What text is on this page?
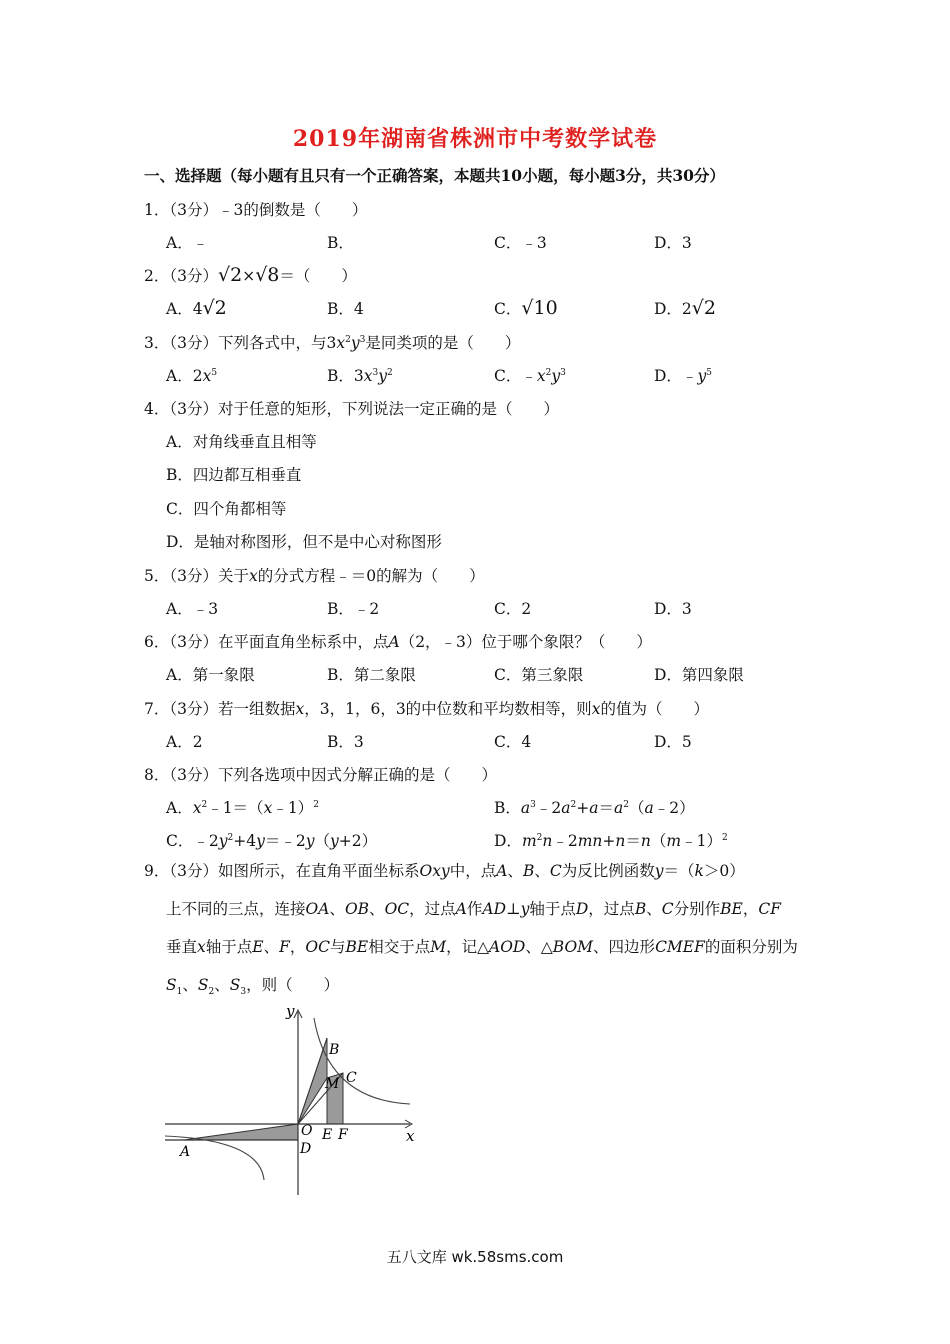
2019年湖南省株洲市中考数学试卷
一、选择题（每小题有且只有一个正确答案，本题共10小题，每小题3分，共30分）
1．（3分）﹣3的倒数是（　　）
A．﹣	B．	C．﹣3	D．3
2．（3分）√2×√8＝（　　）
A．4√2	B．4	C．√10	D．2√2
3．（3分）下列各式中，与$3x^2y^3$是同类项的是（　　）
A．$2x^5$	B．$3x^3y^2$	C．$﹣x^2y^3$	D．$﹣y^5$
4．（3分）对于任意的矩形，下列说法一定正确的是（　　）
A．对角线垂直且相等
B．四边都互相垂直
C．四个角都相等
D．是轴对称图形，但不是中心对称图形
5．（3分）关于x的分式方程﹣＝0的解为（　　）
A．﹣3	B．﹣2	C．2	D．3
6．（3分）在平面直角坐标系中，点A（2，﹣3）位于哪个象限？（　　）
A．第一象限	B．第二象限	C．第三象限	D．第四象限
7．（3分）若一组数据x，3，1，6，3的中位数和平均数相等，则x的值为（　　）
A．2	B．3	C．4	D．5
8．（3分）下列各选项中因式分解正确的是（　　）
A．$x^2﹣1=(x﹣1)^2$	B．$a^3﹣2a^2+a=a^2(a﹣2)$
C．$﹣2y^2+4y=﹣2y(y+2)$	D．$m^2n﹣2mn+n=n(m﹣1)^2$
9．（3分）如图所示，在直角平面坐标系Oxy中，点A、B、C为反比例函数y＝（k＞0）
上不同的三点，连接OA、OB、OC，过点A作AD⊥y轴于点D，过点B、C分别作BE，CF
垂直x轴于点E、F，OC与BE相交于点M，记△AOD、△BOM、四边形CMEF的面积分别为
$S_1$、$S_2$、$S_3$，则（　　）
y
x
B
M C
O
D
E F
A
五八文库 wk.58sms.com
